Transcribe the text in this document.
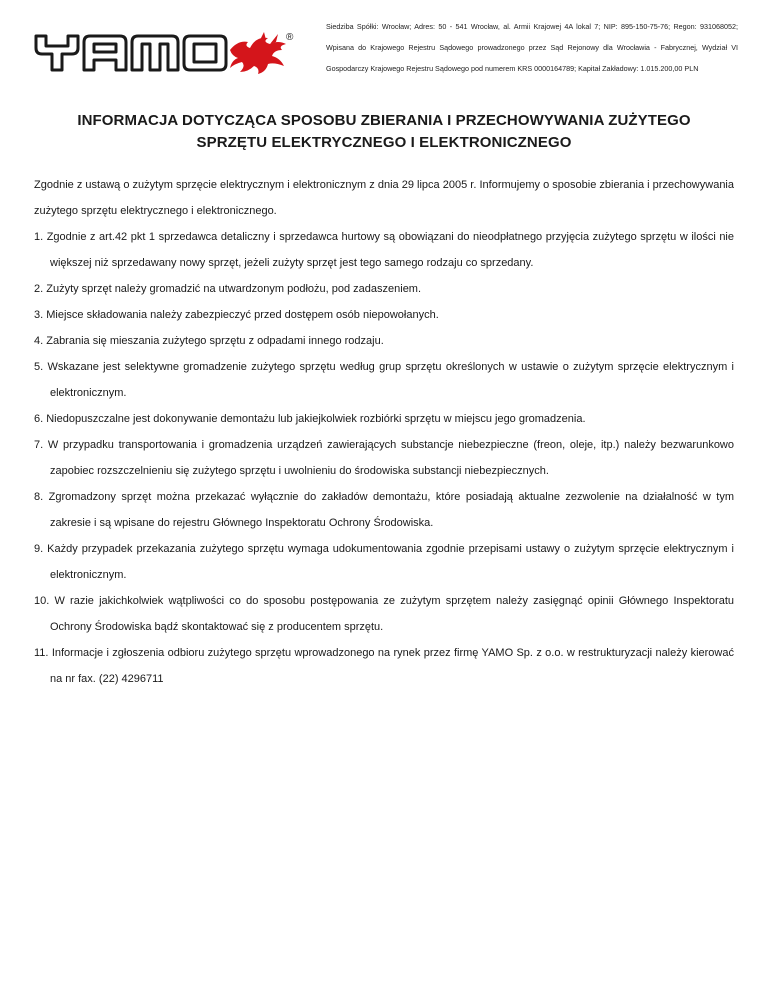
®
Siedziba Spółki: Wrocław; Adres: 50 - 541 Wrocław, al. Armii Krajowej 4A lokal 7; NIP: 895-150-75-76; Regon: 931068052;
Wpisana do Krajowego Rejestru Sądowego prowadzonego przez Sąd Rejonowy dla Wrocławia - Fabrycznej, Wydział VI
Gospodarczy Krajowego Rejestru Sądowego pod numerem KRS 0000164789; Kapitał Zakładowy: 1.015.200,00 PLN
INFORMACJA DOTYCZĄCA SPOSOBU ZBIERANIA I PRZECHOWYWANIA ZUŻYTEGO
SPRZĘTU ELEKTRYCZNEGO I ELEKTRONICZNEGO

Zgodnie z ustawą o zużytym sprzęcie elektrycznym i elektronicznym z dnia 29 lipca 2005 r. Informujemy o sposobie zbierania i przechowywania zużytego sprzętu elektrycznego i elektronicznego.

1. Zgodnie z art.42 pkt 1 sprzedawca detaliczny i sprzedawca hurtowy są obowiązani do nieodpłatnego przyjęcia zużytego sprzętu w ilości nie większej niż sprzedawany nowy sprzęt, jeżeli zużyty sprzęt jest tego samego rodzaju co sprzedany.

2. Zużyty sprzęt należy gromadzić na utwardzonym podłożu, pod zadaszeniem.

3. Miejsce składowania należy zabezpieczyć przed dostępem osób niepowołanych.

4. Zabrania się mieszania zużytego sprzętu z odpadami innego rodzaju.

5. Wskazane jest selektywne gromadzenie zużytego sprzętu według grup sprzętu określonych w ustawie o zużytym sprzęcie elektrycznym i elektronicznym.

6. Niedopuszczalne jest dokonywanie demontażu lub jakiejkolwiek rozbiórki sprzętu w miejscu jego gromadzenia.

7. W przypadku transportowania i gromadzenia urządzeń zawierających substancje niebezpieczne (freon, oleje, itp.) należy bezwarunkowo zapobiec rozszczelnieniu się zużytego sprzętu i uwolnieniu do środowiska substancji niebezpiecznych.

8. Zgromadzony sprzęt można przekazać wyłącznie do zakładów demontażu, które posiadają aktualne zezwolenie na działalność w tym zakresie i są wpisane do rejestru Głównego Inspektoratu Ochrony Środowiska.

9. Każdy przypadek przekazania zużytego sprzętu wymaga udokumentowania zgodnie przepisami ustawy o zużytym sprzęcie elektrycznym i elektronicznym.

10. W razie jakichkolwiek wątpliwości co do sposobu postępowania ze zużytym sprzętem należy zasięgnąć opinii Głównego Inspektoratu Ochrony Środowiska bądź skontaktować się z producentem sprzętu.

11. Informacje i zgłoszenia odbioru zużytego sprzętu wprowadzonego na rynek przez firmę YAMO Sp. z o.o. w restrukturyzacji należy kierować na nr fax. (22) 4296711
